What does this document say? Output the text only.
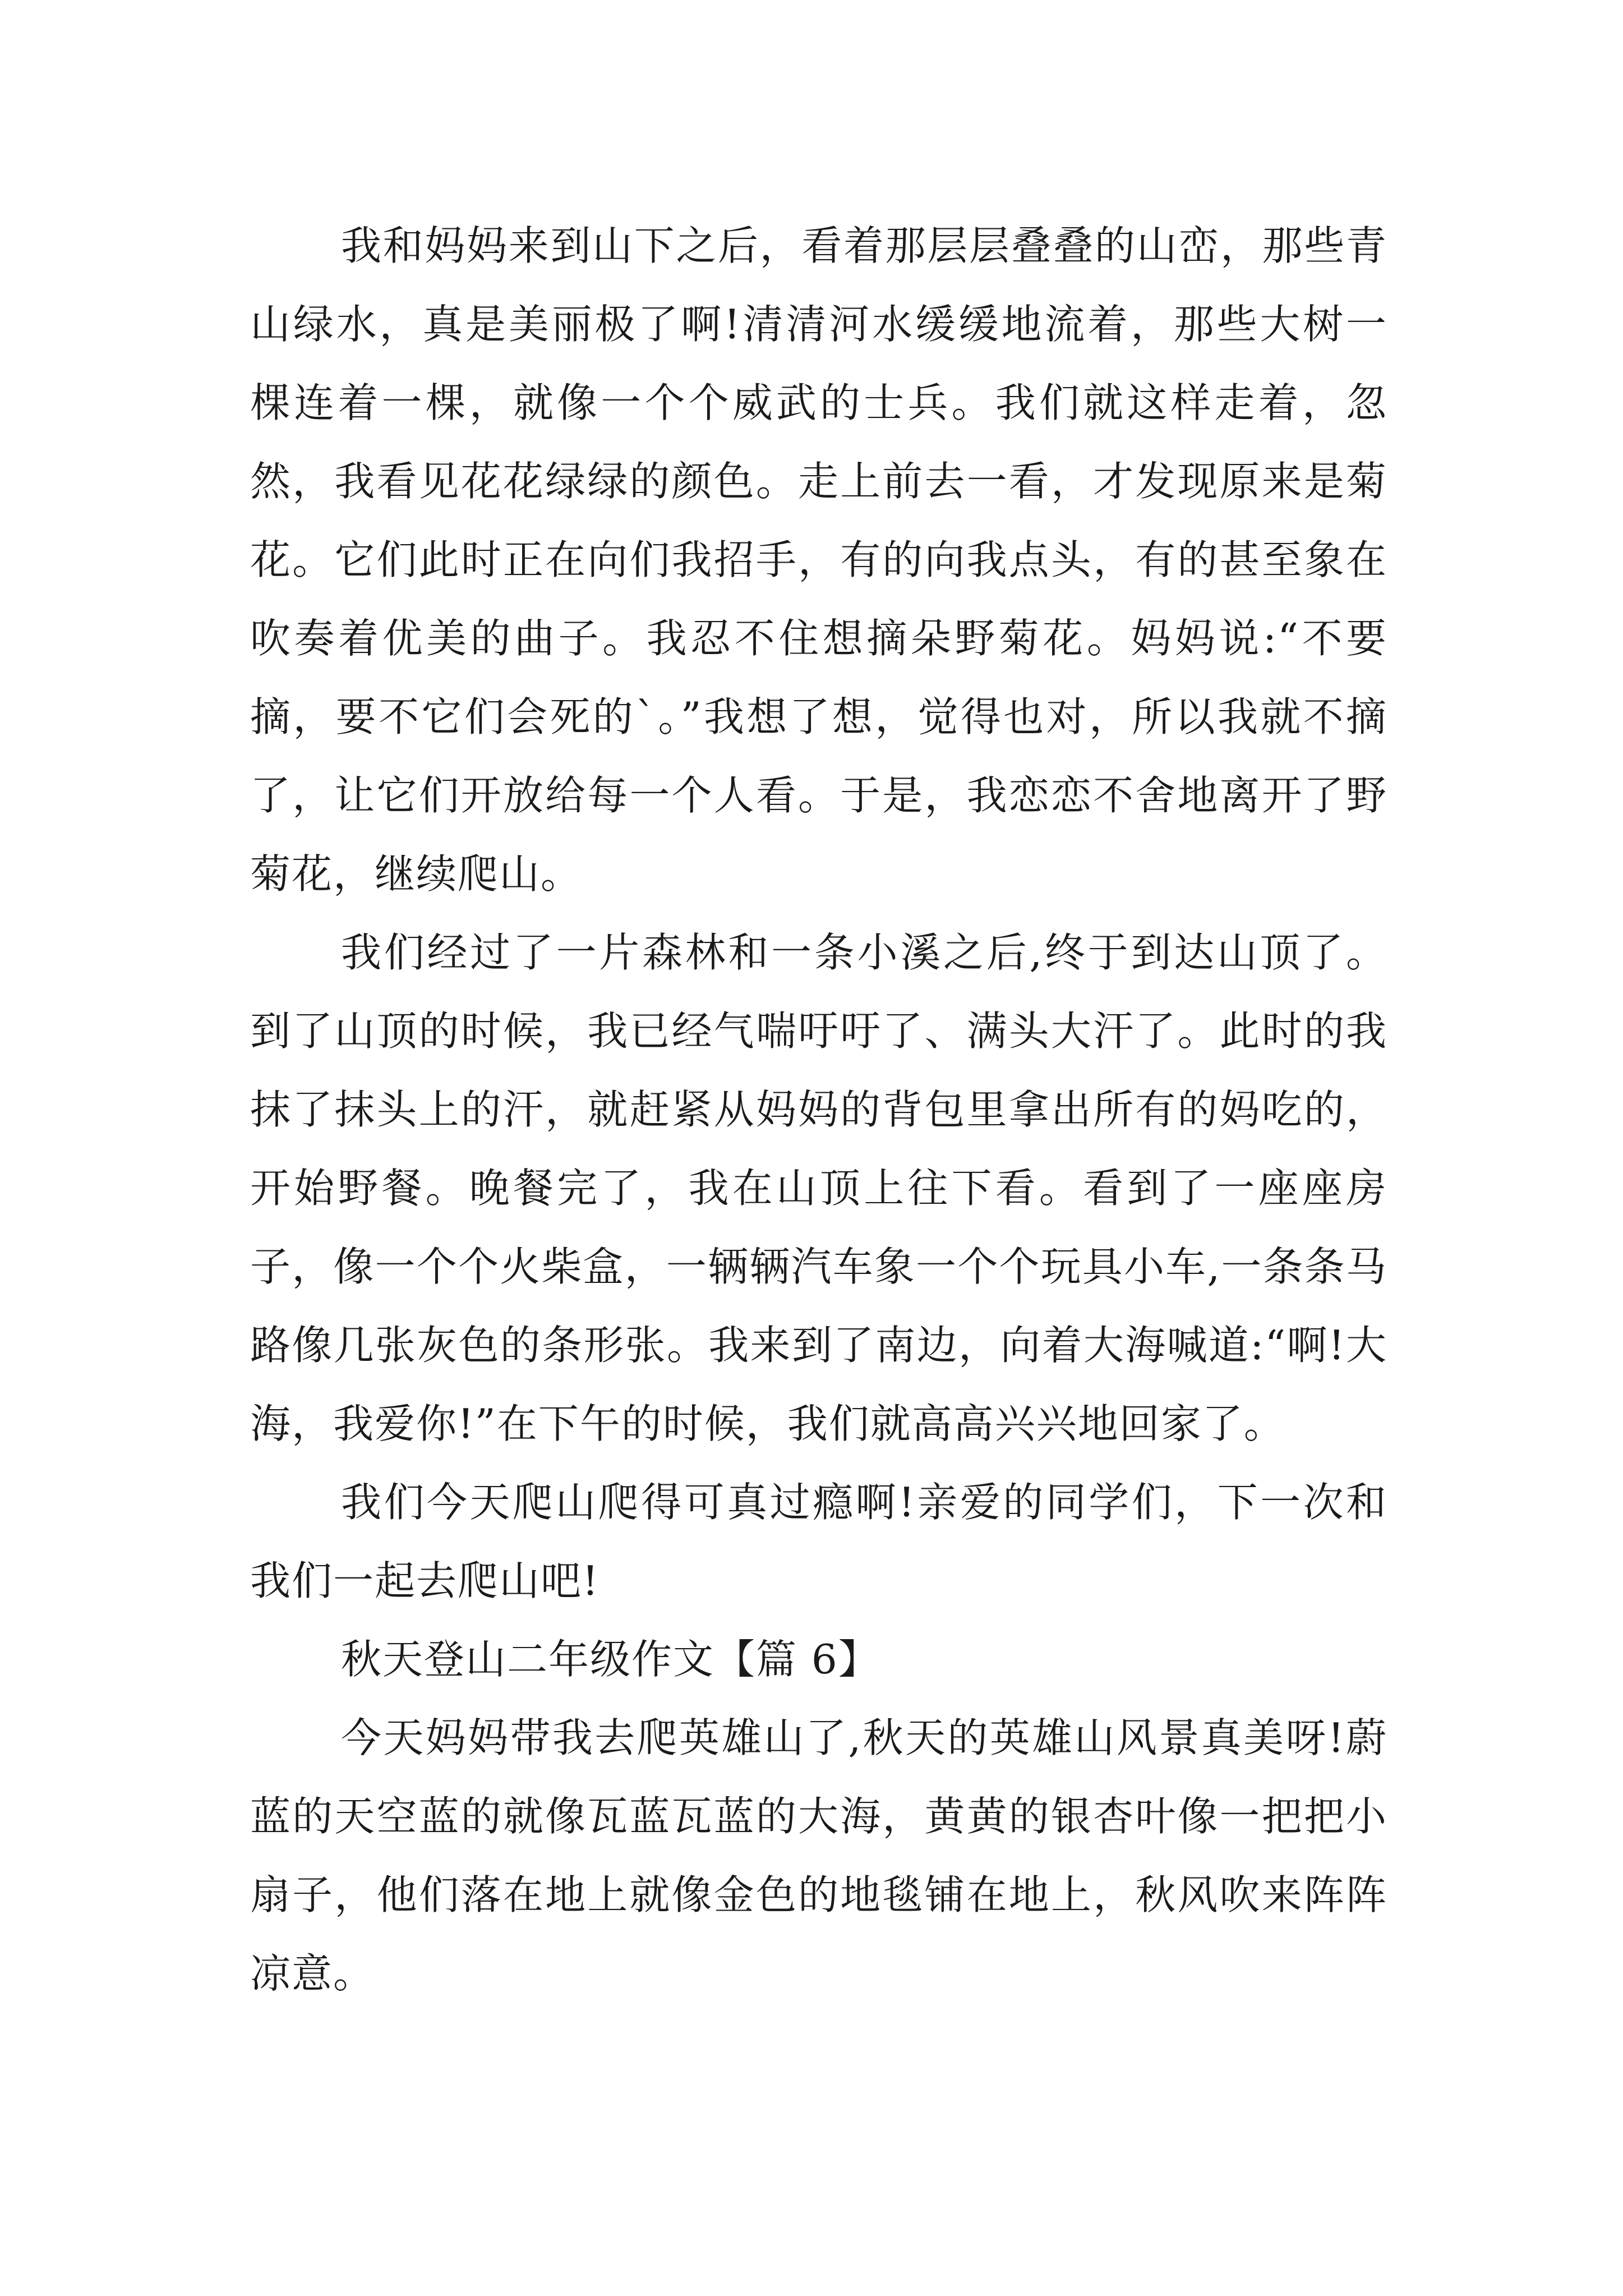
我和妈妈来到山下之后，看着那层层叠叠的山峦，那些青山绿水，真是美丽极了啊!清清河水缓缓地流着，那些大树一棵连着一棵，就像一个个威武的士兵。我们就这样走着，忽然，我看见花花绿绿的颜色。走上前去一看，才发现原来是菊花。它们此时正在向们我招手，有的向我点头，有的甚至象在吹奏着优美的曲子。我忍不住想摘朵野菊花。妈妈说:“不要摘，要不它们会死的`。”我想了想，觉得也对，所以我就不摘了，让它们开放给每一个人看。于是，我恋恋不舍地离开了野菊花，继续爬山。

我们经过了一片森林和一条小溪之后,终于到达山顶了。到了山顶的时候，我已经气喘吁吁了、满头大汗了。此时的我抹了抹头上的汗，就赶紧从妈妈的背包里拿出所有的妈吃的，开始野餐。晚餐完了，我在山顶上往下看。看到了一座座房子，像一个个火柴盒，一辆辆汽车象一个个玩具小车,一条条马路像几张灰色的条形张。我来到了南边，向着大海喊道:“啊!大海，我爱你!”在下午的时候，我们就高高兴兴地回家了。

我们今天爬山爬得可真过瘾啊!亲爱的同学们，下一次和我们一起去爬山吧!

秋天登山二年级作文【篇 6】

今天妈妈带我去爬英雄山了,秋天的英雄山风景真美呀!蔚蓝的天空蓝的就像瓦蓝瓦蓝的大海，黄黄的银杏叶像一把把小扇子，他们落在地上就像金色的地毯铺在地上，秋风吹来阵阵凉意。
